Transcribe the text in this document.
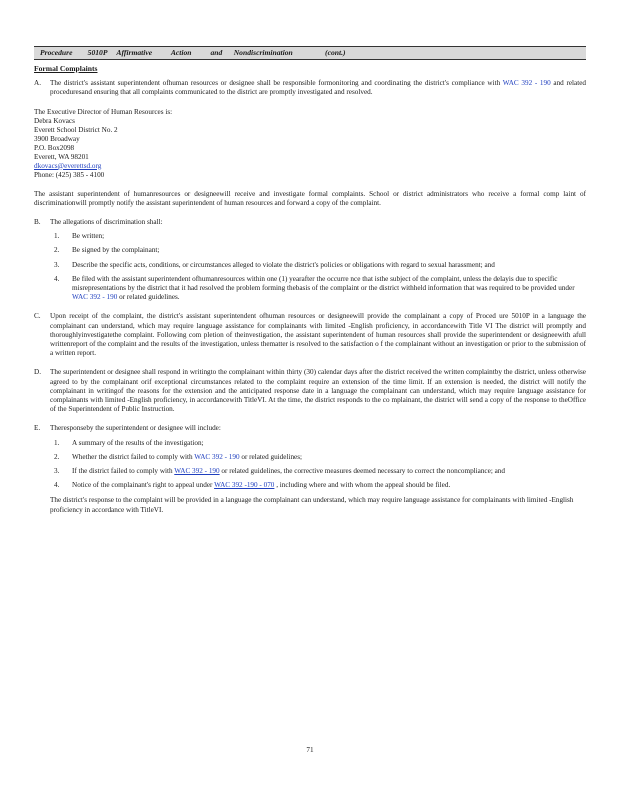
Procedure        5010P     Affirmative          Action          and      Nondiscrimination                 (cont.)
Formal Complaints
A. The district's assistant superintendent ofhuman resources or designee shall be responsible formonitoring and coordinating the district's compliance with WAC 392 - 190 and related proceduresand ensuring that all complaints communicated to the district are promptly investigated and resolved.
The Executive Director of Human Resources is:
Debra Kovacs
Everett School District No. 2
3900 Broadway
P.O. Box2098
Everett, WA 98201
dkovacs@everettsd.org
Phone: (425) 385 - 4100
The assistant superintendent of humanresources or designeewill receive and investigate formal complaints. School or district administrators who receive a formal comp laint of discriminationwill promptly notify the assistant superintendent of human resources and forward a copy of the complaint.
B. The allegations of discrimination shall:
1. Be written;
2. Be signed by the complainant;
3. Describe the specific acts, conditions, or circumstances alleged to violate the district's policies or obligations with regard to sexual harassment; and
4. Be filed with the assistant superintendent ofhumanresources within one (1) yearafter the occurre nce that isthe subject of the complaint, unless the delayis due to specific misrepresentations by the district that it had resolved the problem forming thebasis of the complaint or the district withheld information that was required to be provided under WAC 392 - 190 or related guidelines.
C. Upon receipt of the complaint, the district's assistant superintendent ofhuman resources or designeewill provide the complainant a copy of Proced ure 5010P in a language the complainant can understand, which may require language assistance for complainants with limited -English proficiency, in accordancewith Title VI The district will promptly and thoroughlyinvestigatethe complaint. Following com pletion of theinvestigation, the assistant superintendent of human resources shall provide the superintendent or designeewith afull writtenreport of the complaint and the results of the investigation, unless thematter is resolved to the satisfaction o f the complainant without an investigation or prior to the submission of a written report.
D. The superintendent or designee shall respond in writingto the complainant within thirty (30) calendar days after the district received the written complaintby the district, unless otherwise agreed to by the complainant orif exceptional circumstances related to the complaint require an extension of the time limit. If an extension is needed, the district will notify the complainant in writingof the reasons for the extension and the anticipated response date in a language the complainant can understand, which may require language assistance for complainants with limited -English proficiency, in accordancewith TitleVI. At the time, the district responds to the co mplainant, the district will send a copy of the response to theOffice of the Superintendent of Public Instruction.
E. Theresponseby the superintendent or designee will include:
1. A summary of the results of the investigation;
2. Whether the district failed to comply with WAC 392 - 190 or related guidelines;
3. If the district failed to comply with WAC 392 - 190 or related guidelines, the corrective measures deemed necessary to correct the noncompliance; and
4. Notice of the complainant's right to appeal under WAC 392 -190 - 070 , including where and with whom the appeal should be filed.
The district's response to the complaint will be provided in a language the complainant can understand, which may require language assistance for complainants with limited -English proficiency in accordance with TitleVI.
71
